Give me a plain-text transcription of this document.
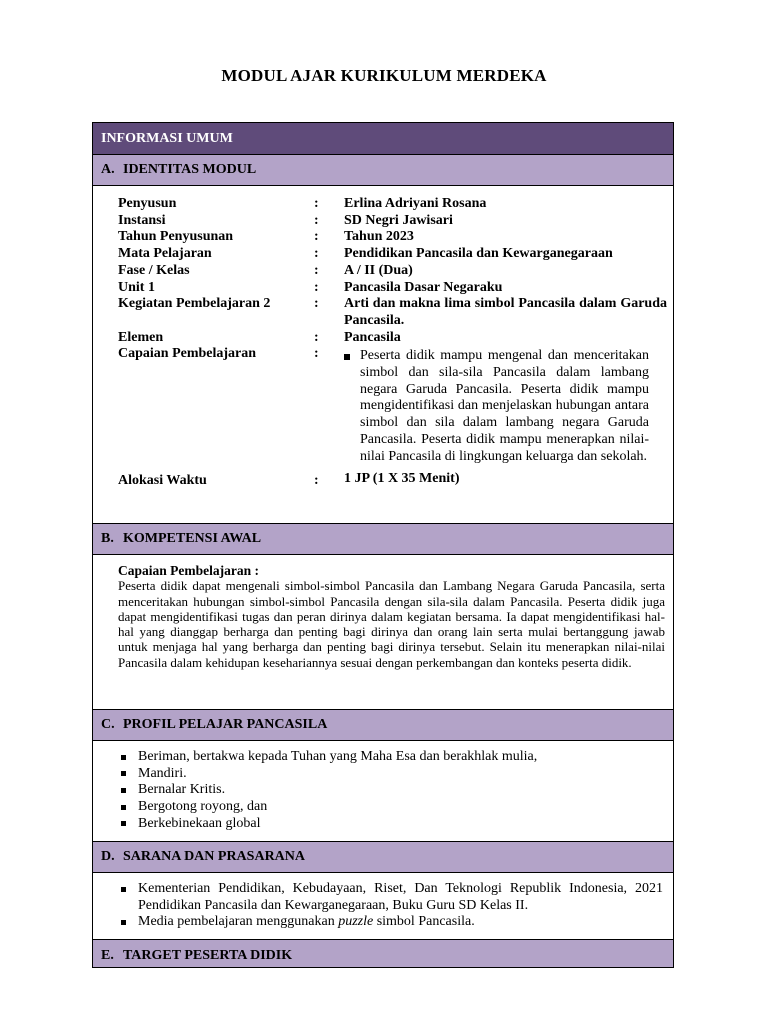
MODUL AJAR KURIKULUM MERDEKA
INFORMASI UMUM
A. IDENTITAS MODUL
Penyusun	:	Erlina Adriyani Rosana
Instansi	:	SD Negri Jawisari
Tahun Penyusunan	:	Tahun 2023
Mata Pelajaran	:	Pendidikan Pancasila dan Kewarganegaraan
Fase / Kelas	:	A / II (Dua)
Unit 1	:	Pancasila Dasar Negaraku
Kegiatan Pembelajaran 2	:	Arti dan makna lima simbol Pancasila dalam Garuda Pancasila.
Elemen	:	Pancasila
Capaian Pembelajaran	:	Peserta didik mampu mengenal dan menceritakan simbol dan sila-sila Pancasila dalam lambang negara Garuda Pancasila. Peserta didik mampu mengidentifikasi dan menjelaskan hubungan antara simbol dan sila dalam lambang negara Garuda Pancasila. Peserta didik mampu menerapkan nilai-nilai Pancasila di lingkungan keluarga dan sekolah.
Alokasi Waktu	:	1 JP (1 X 35 Menit)
B. KOMPETENSI AWAL
Capaian Pembelajaran :

Peserta didik dapat mengenali simbol-simbol Pancasila dan Lambang Negara Garuda Pancasila, serta menceritakan hubungan simbol-simbol Pancasila dengan sila-sila dalam Pancasila. Peserta didik juga dapat mengidentifikasi tugas dan peran dirinya dalam kegiatan bersama. Ia dapat mengidentifikasi hal-hal yang dianggap berharga dan penting bagi dirinya dan orang lain serta mulai bertanggung jawab untuk menjaga hal yang berharga dan penting bagi dirinya tersebut. Selain itu menerapkan nilai-nilai Pancasila dalam kehidupan kesehariannya sesuai dengan perkembangan dan konteks peserta didik.

C. PROFIL PELAJAR PANCASILA
Beriman, bertakwa kepada Tuhan yang Maha Esa dan berakhlak mulia,
Mandiri.
Bernalar Kritis.
Bergotong royong, dan
Berkebinekaan global
D. SARANA DAN PRASARANA
Kementerian Pendidikan, Kebudayaan, Riset, Dan Teknologi Republik Indonesia, 2021 Pendidikan Pancasila dan Kewarganegaraan, Buku Guru SD Kelas II.
Media pembelajaran menggunakan puzzle simbol Pancasila.
E. TARGET PESERTA DIDIK
